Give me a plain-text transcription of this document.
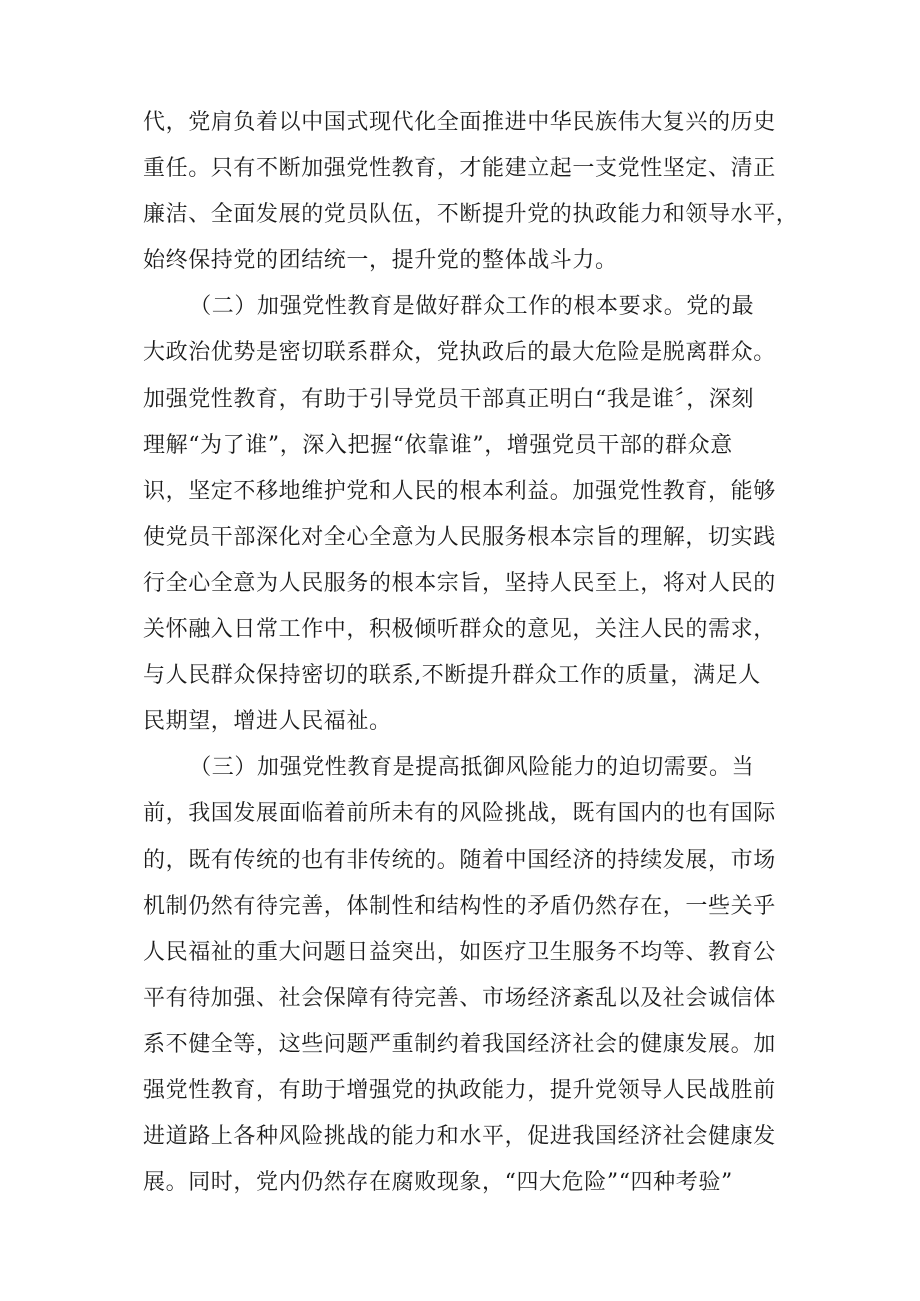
代，党肩负着以中国式现代化全面推进中华民族伟大复兴的历史
重任。只有不断加强党性教育，才能建立起一支党性坚定、清正
廉洁、全面发展的党员队伍，不断提升党的执政能力和领导水平，
始终保持党的团结统一，提升党的整体战斗力。

（二）加强党性教育是做好群众工作的根本要求。党的最
大政治优势是密切联系群众，党执政后的最大危险是脱离群众。
加强党性教育，有助于引导党员干部真正明白“我是谁〞，深刻
理解“为了谁”，深入把握“依靠谁”，增强党员干部的群众意
识，坚定不移地维护党和人民的根本利益。加强党性教育，能够
使党员干部深化对全心全意为人民服务根本宗旨的理解，切实践
行全心全意为人民服务的根本宗旨，坚持人民至上，将对人民的
关怀融入日常工作中，积极倾听群众的意见，关注人民的需求，
与人民群众保持密切的联系,不断提升群众工作的质量，满足人
民期望，增进人民福祉。

（三）加强党性教育是提高抵御风险能力的迫切需要。当
前，我国发展面临着前所未有的风险挑战，既有国内的也有国际
的，既有传统的也有非传统的。随着中国经济的持续发展，市场
机制仍然有待完善，体制性和结构性的矛盾仍然存在，一些关乎
人民福祉的重大问题日益突出，如医疗卫生服务不均等、教育公
平有待加强、社会保障有待完善、市场经济紊乱以及社会诚信体
系不健全等，这些问题严重制约着我国经济社会的健康发展。加
强党性教育，有助于增强党的执政能力，提升党领导人民战胜前
进道路上各种风险挑战的能力和水平，促进我国经济社会健康发
展。同时，党内仍然存在腐败现象，“四大危险”“四种考验”
